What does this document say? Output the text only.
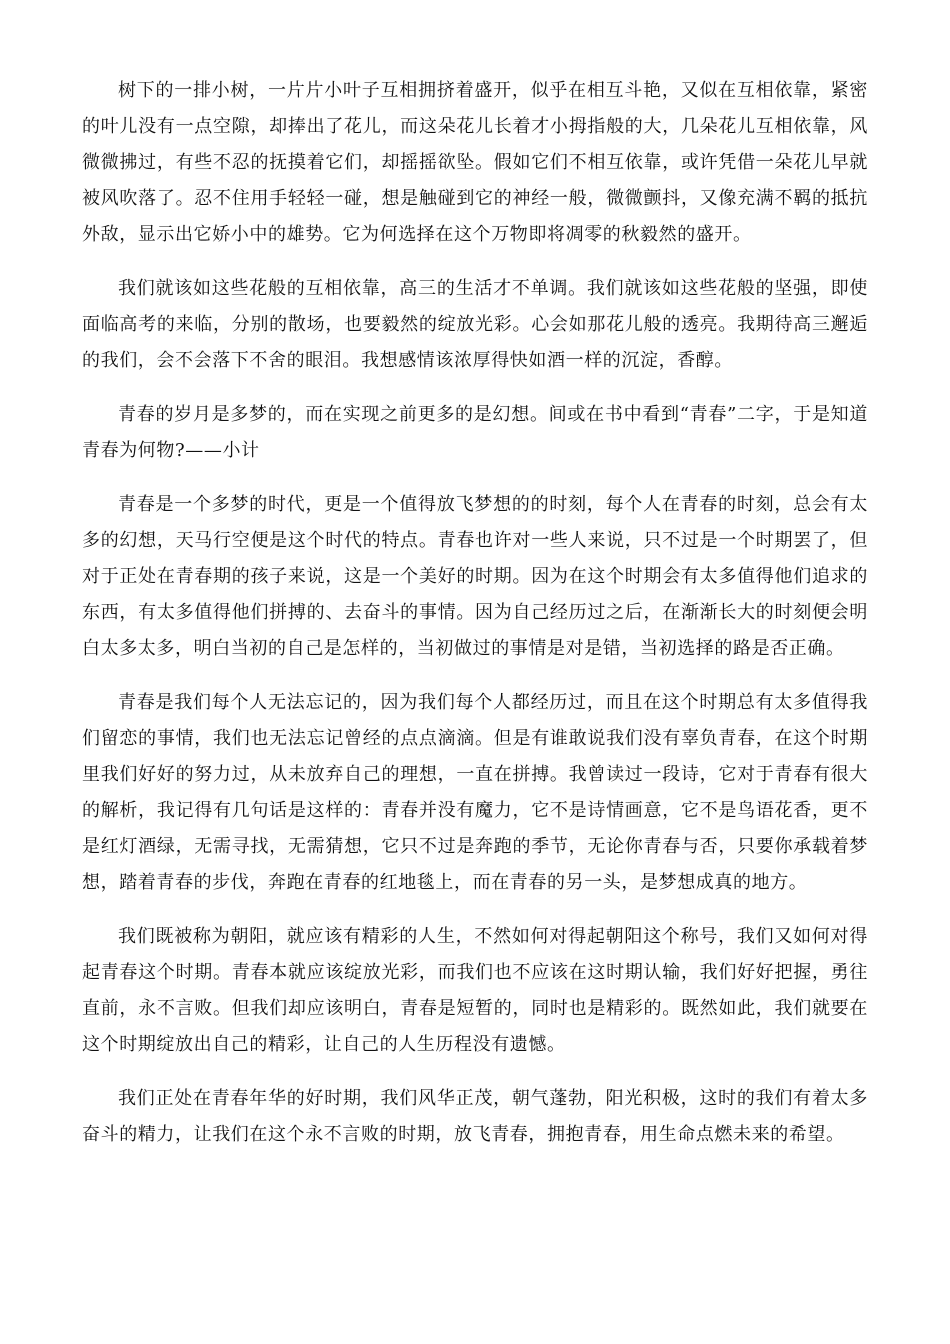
树下的一排小树，一片片小叶子互相拥挤着盛开，似乎在相互斗艳，又似在互相依靠，紧密的叶儿没有一点空隙，却捧出了花儿，而这朵花儿长着才小拇指般的大，几朵花儿互相依靠，风微微拂过，有些不忍的抚摸着它们，却摇摇欲坠。假如它们不相互依靠，或许凭借一朵花儿早就被风吹落了。忍不住用手轻轻一碰，想是触碰到它的神经一般，微微颤抖，又像充满不羁的抵抗外敌，显示出它娇小中的雄势。它为何选择在这个万物即将凋零的秋毅然的盛开。

我们就该如这些花般的互相依靠，高三的生活才不单调。我们就该如这些花般的坚强，即使面临高考的来临，分别的散场，也要毅然的绽放光彩。心会如那花儿般的透亮。我期待高三邂逅的我们，会不会落下不舍的眼泪。我想感情该浓厚得快如酒一样的沉淀，香醇。

青春的岁月是多梦的，而在实现之前更多的是幻想。间或在书中看到“青春”二字，于是知道青春为何物?——小计

青春是一个多梦的时代，更是一个值得放飞梦想的的时刻，每个人在青春的时刻，总会有太多的幻想，天马行空便是这个时代的特点。青春也许对一些人来说，只不过是一个时期罢了，但对于正处在青春期的孩子来说，这是一个美好的时期。因为在这个时期会有太多值得他们追求的东西，有太多值得他们拼搏的、去奋斗的事情。因为自己经历过之后，在渐渐长大的时刻便会明白太多太多，明白当初的自己是怎样的，当初做过的事情是对是错，当初选择的路是否正确。

青春是我们每个人无法忘记的，因为我们每个人都经历过，而且在这个时期总有太多值得我们留恋的事情，我们也无法忘记曾经的点点滴滴。但是有谁敢说我们没有辜负青春，在这个时期里我们好好的努力过，从未放弃自己的理想，一直在拼搏。我曾读过一段诗，它对于青春有很大的解析，我记得有几句话是这样的：青春并没有魔力，它不是诗情画意，它不是鸟语花香，更不是红灯酒绿，无需寻找，无需猜想，它只不过是奔跑的季节，无论你青春与否，只要你承载着梦想，踏着青春的步伐，奔跑在青春的红地毯上，而在青春的另一头，是梦想成真的地方。

我们既被称为朝阳，就应该有精彩的人生，不然如何对得起朝阳这个称号，我们又如何对得起青春这个时期。青春本就应该绽放光彩，而我们也不应该在这时期认输，我们好好把握，勇往直前，永不言败。但我们却应该明白，青春是短暂的，同时也是精彩的。既然如此，我们就要在这个时期绽放出自己的精彩，让自己的人生历程没有遗憾。

我们正处在青春年华的好时期，我们风华正茂，朝气蓬勃，阳光积极，这时的我们有着太多奋斗的精力，让我们在这个永不言败的时期，放飞青春，拥抱青春，用生命点燃未来的希望。
